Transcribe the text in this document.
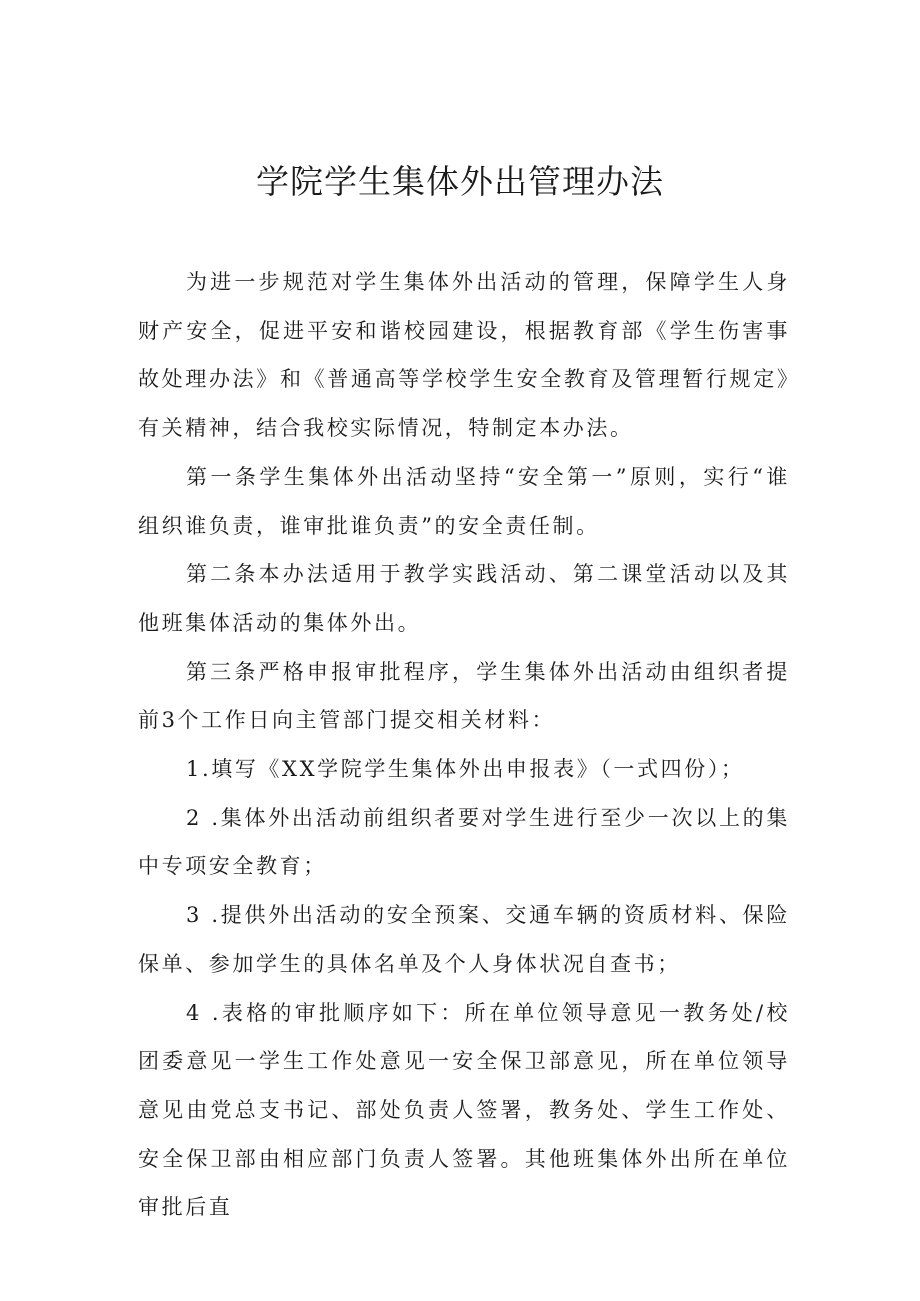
学院学生集体外出管理办法

为进一步规范对学生集体外出活动的管理，保障学生人身财产安全，促进平安和谐校园建设，根据教育部《学生伤害事故处理办法》和《普通高等学校学生安全教育及管理暂行规定》有关精神，结合我校实际情况，特制定本办法。

第一条学生集体外出活动坚持“安全第一”原则，实行“谁组织谁负责，谁审批谁负责”的安全责任制。

第二条本办法适用于教学实践活动、第二课堂活动以及其他班集体活动的集体外出。

第三条严格申报审批程序，学生集体外出活动由组织者提前3个工作日向主管部门提交相关材料：

1.填写《XX学院学生集体外出申报表》（一式四份）；

2 .集体外出活动前组织者要对学生进行至少一次以上的集中专项安全教育；

3 .提供外出活动的安全预案、交通车辆的资质材料、保险保单、参加学生的具体名单及个人身体状况自查书；

4 .表格的审批顺序如下：所在单位领导意见一教务处/校团委意见一学生工作处意见一安全保卫部意见，所在单位领导意见由党总支书记、部处负责人签署，教务处、学生工作处、安全保卫部由相应部门负责人签署。其他班集体外出所在单位审批后直
